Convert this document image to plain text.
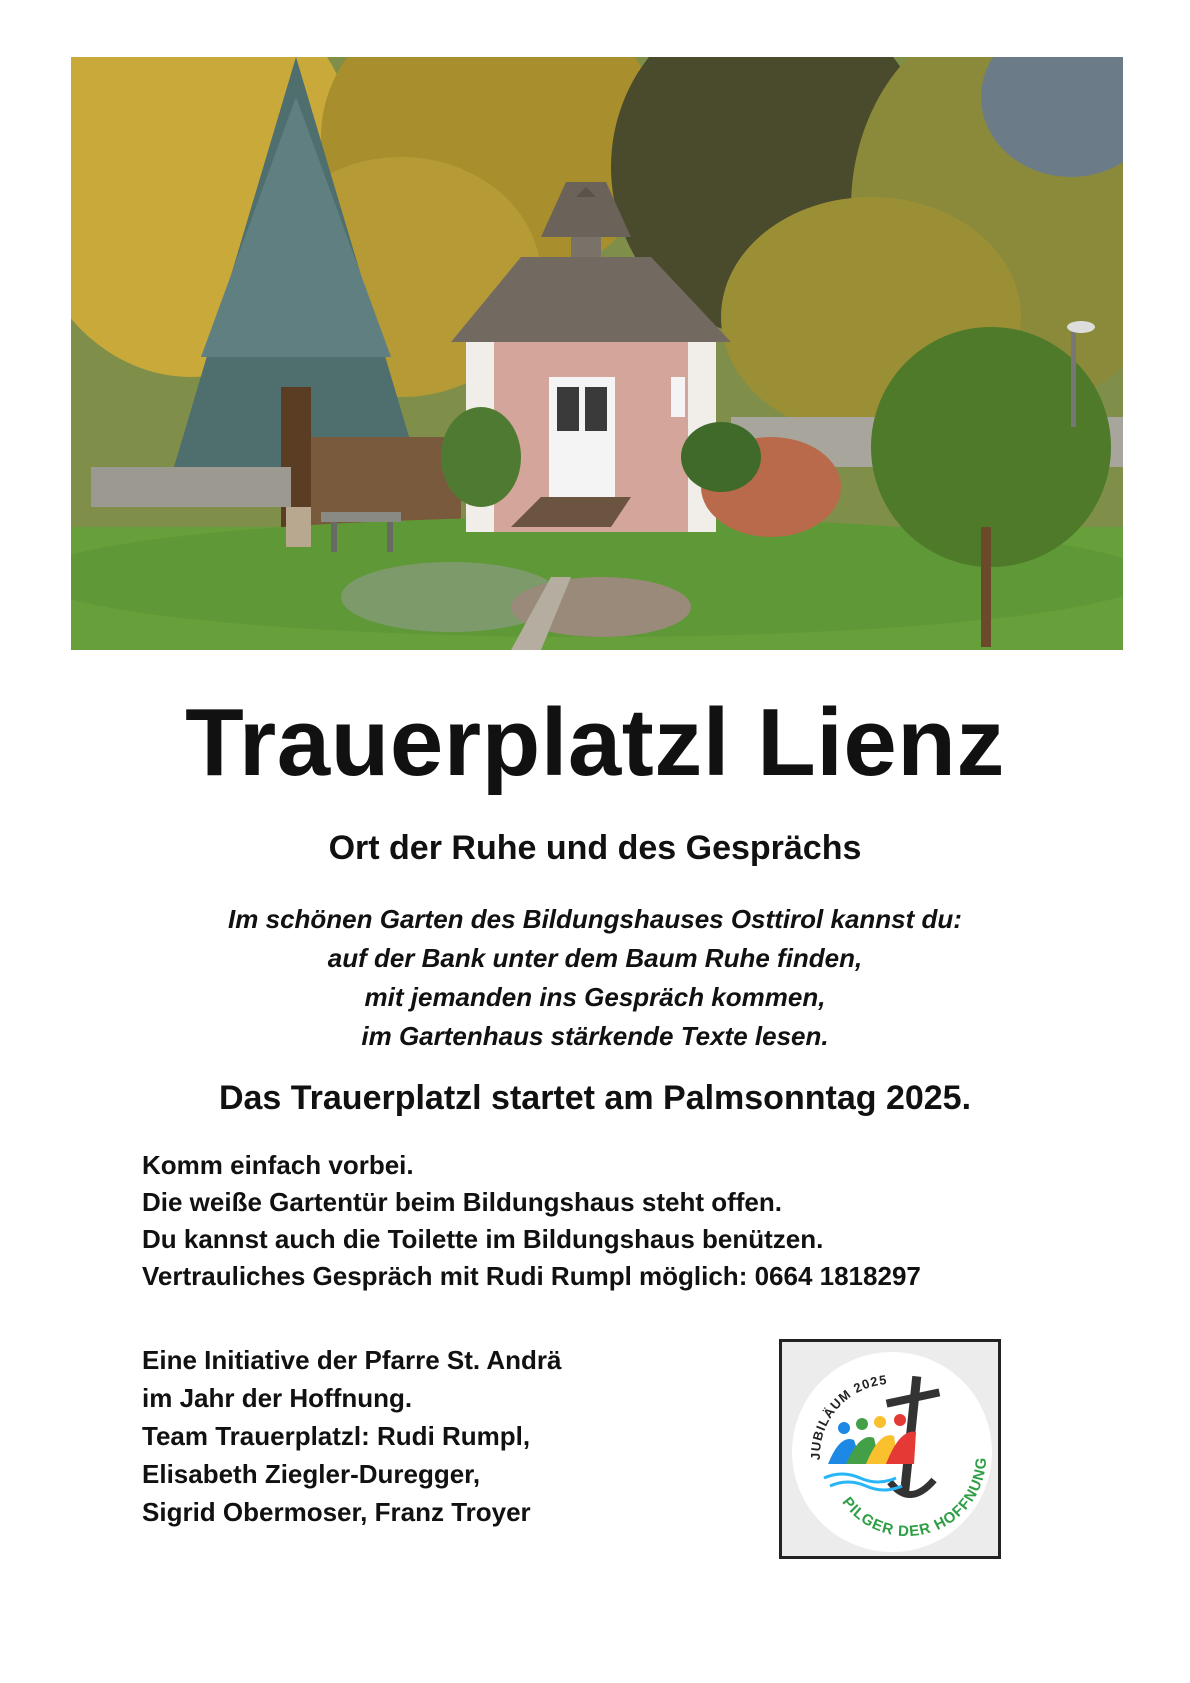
Trauerplatzl Lienz
Ort der Ruhe und des Gesprächs
Im schönen Garten des Bildungshauses Osttirol kannst du:
auf der Bank unter dem Baum Ruhe finden,
mit jemanden ins Gespräch kommen,
im Gartenhaus stärkende Texte lesen.
Das Trauerplatzl startet am Palmsonntag 2025.
Komm einfach vorbei.
Die weiße Gartentür beim Bildungshaus steht offen.
Du kannst auch die Toilette im Bildungshaus benützen.
Vertrauliches Gespräch mit Rudi Rumpl möglich: 0664 1818297
Eine Initiative der Pfarre St. Andrä
im Jahr der Hoffnung.
Team Trauerplatzl: Rudi Rumpl,
Elisabeth Ziegler-Duregger,
Sigrid Obermoser, Franz Troyer
JUBILÄUM 2025
PILGER DER HOFFNUNG
